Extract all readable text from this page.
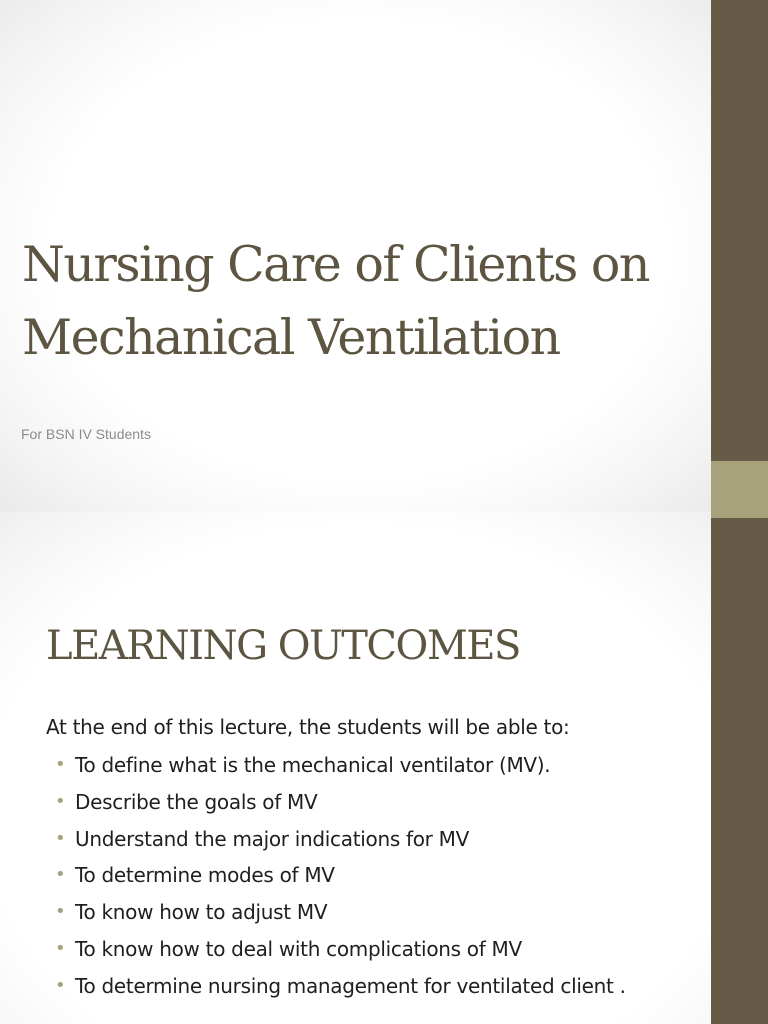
Nursing Care of Clients on
Mechanical Ventilation

For BSN IV Students

LEARNING OUTCOMES

At the end of this lecture, the students will be able to:

• To define what is the mechanical ventilator (MV).
• Describe the goals of MV
• Understand the major indications for MV
• To determine modes of MV
• To know how to adjust MV
• To know how to deal with complications of MV
• To determine nursing management for ventilated client .
